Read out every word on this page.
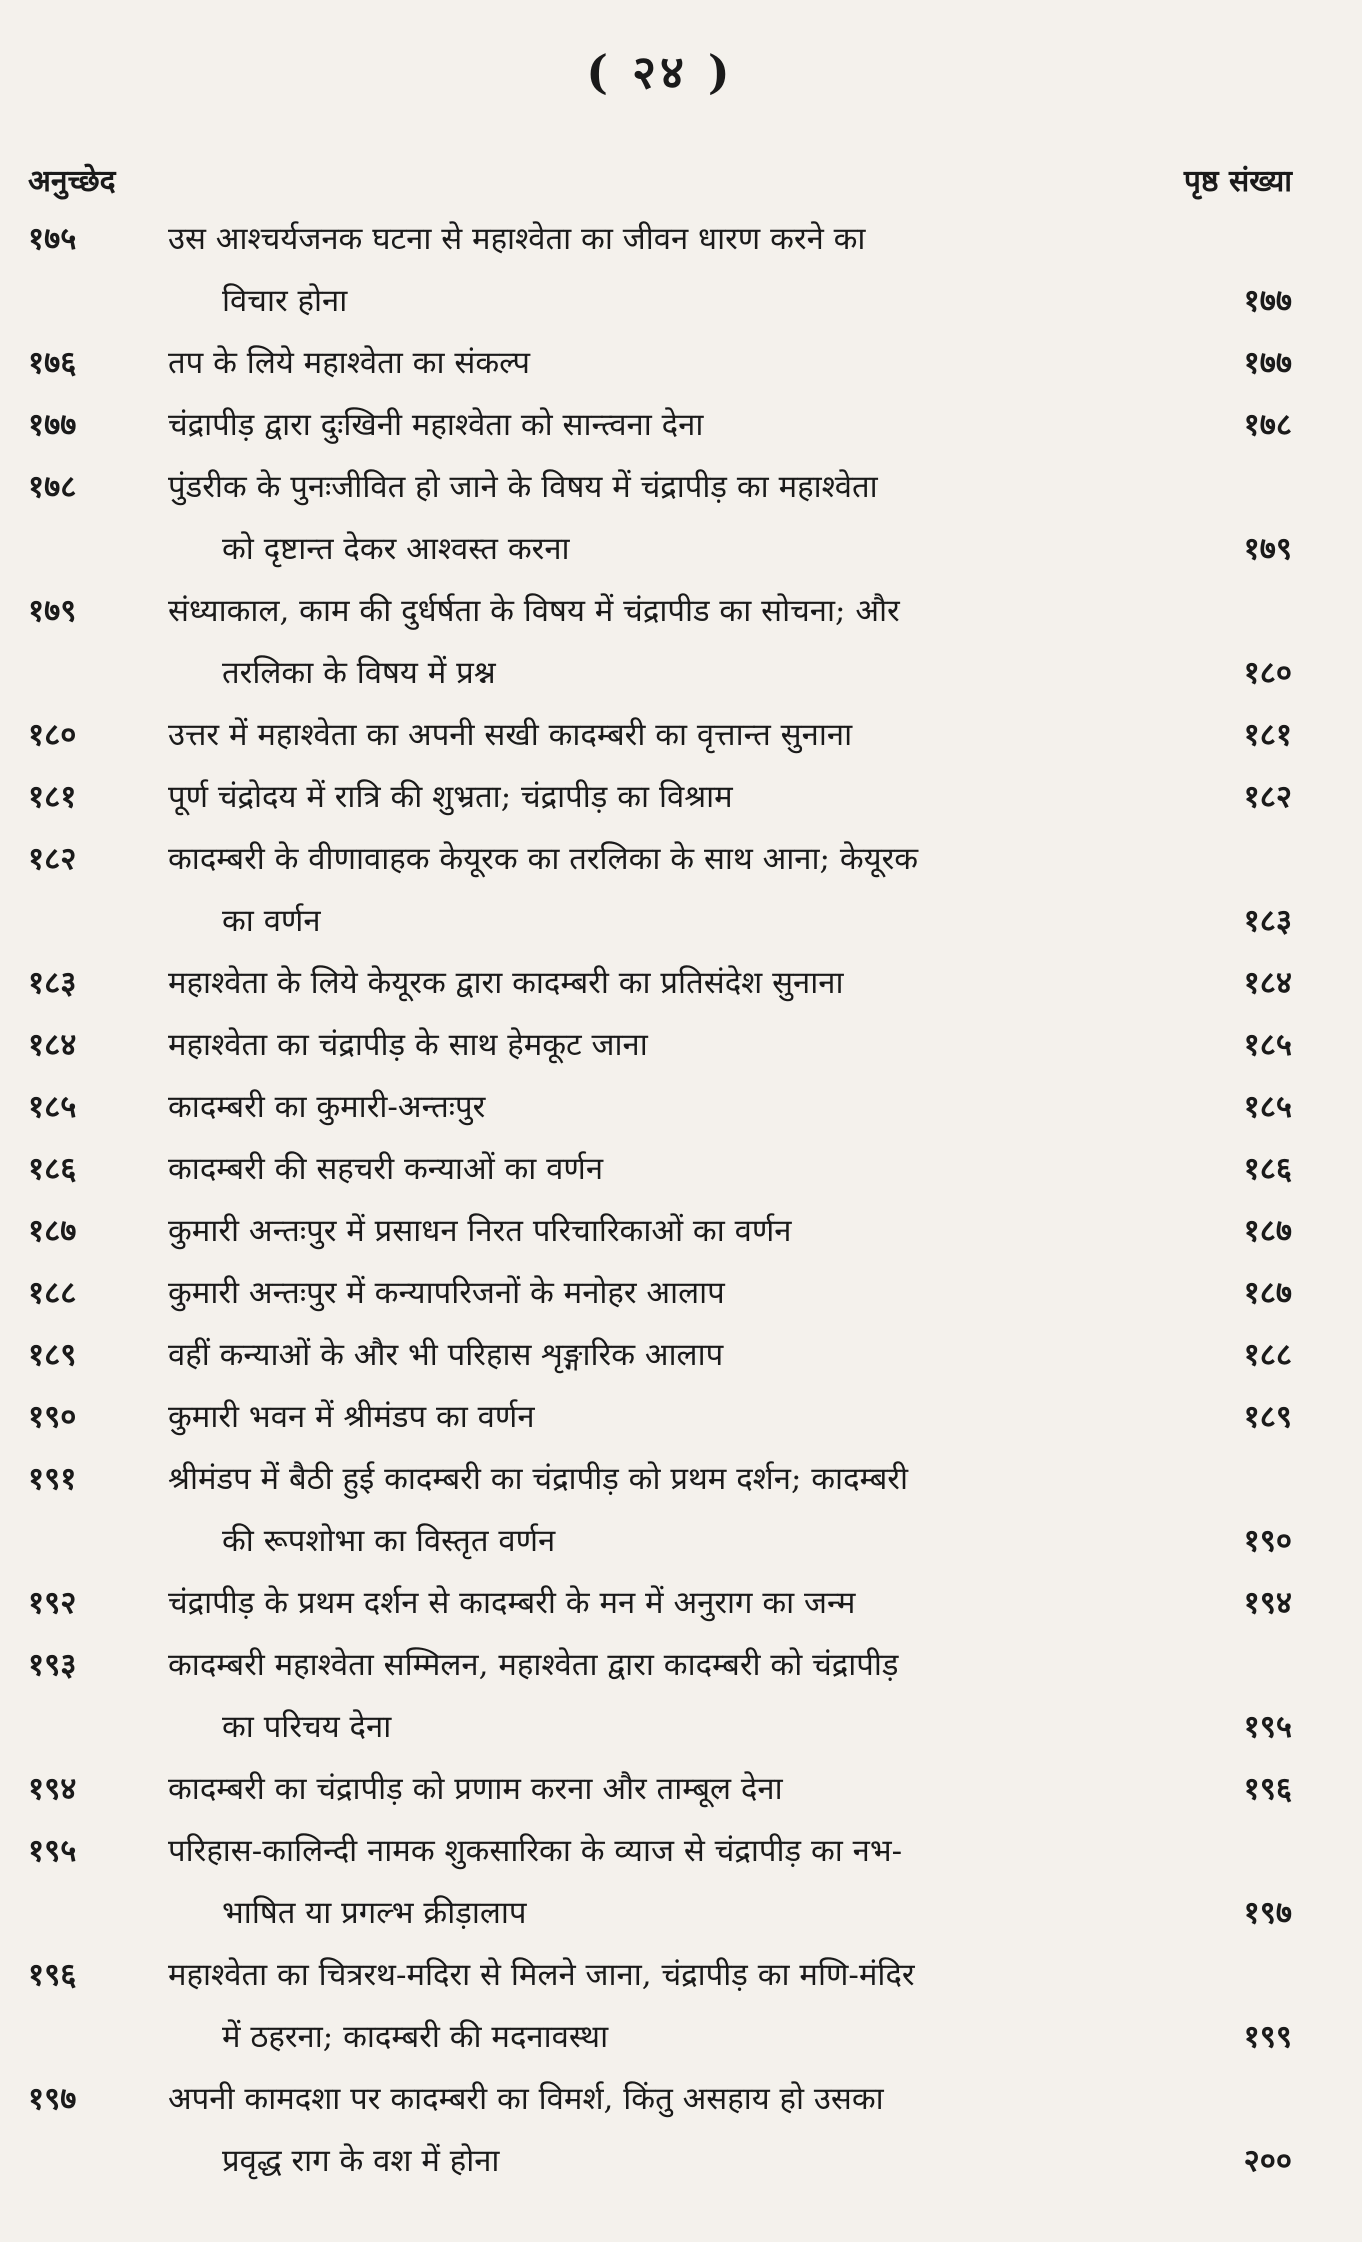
( २४ )
अनुच्छेद	पृष्ठ संख्या
१७५	उस आश्चर्यजनक घटना से महाश्वेता का जीवन धारण करने का
विचार होना	१७७
१७६	तप के लिये महाश्वेता का संकल्प	१७७
१७७	चंद्रापीड़ द्वारा दुःखिनी महाश्वेता को सान्त्वना देना	१७८
१७८	पुंडरीक के पुनःजीवित हो जाने के विषय में चंद्रापीड़ का महाश्वेता
को दृष्टान्त देकर आश्वस्त करना	१७९
१७९	संध्याकाल, काम की दुर्धर्षता के विषय में चंद्रापीड का सोचना; और
तरलिका के विषय में प्रश्न	१८०
१८०	उत्तर में महाश्वेता का अपनी सखी कादम्बरी का वृत्तान्त सुनाना	१८१
१८१	पूर्ण चंद्रोदय में रात्रि की शुभ्रता; चंद्रापीड़ का विश्राम	१८२
१८२	कादम्बरी के वीणावाहक केयूरक का तरलिका के साथ आना; केयूरक
का वर्णन	१८३
१८३	महाश्वेता के लिये केयूरक द्वारा कादम्बरी का प्रतिसंदेश सुनाना	१८४
१८४	महाश्वेता का चंद्रापीड़ के साथ हेमकूट जाना	१८५
१८५	कादम्बरी का कुमारी-अन्तःपुर	१८५
१८६	कादम्बरी की सहचरी कन्याओं का वर्णन	१८६
१८७	कुमारी अन्तःपुर में प्रसाधन निरत परिचारिकाओं का वर्णन	१८७
१८८	कुमारी अन्तःपुर में कन्यापरिजनों के मनोहर आलाप	१८७
१८९	वहीं कन्याओं के और भी परिहास शृङ्गारिक आलाप	१८८
१९०	कुमारी भवन में श्रीमंडप का वर्णन	१८९
१९१	श्रीमंडप में बैठी हुई कादम्बरी का चंद्रापीड़ को प्रथम दर्शन; कादम्बरी
की रूपशोभा का विस्तृत वर्णन	१९०
१९२	चंद्रापीड़ के प्रथम दर्शन से कादम्बरी के मन में अनुराग का जन्म	१९४
१९३	कादम्बरी महाश्वेता सम्मिलन, महाश्वेता द्वारा कादम्बरी को चंद्रापीड़
का परिचय देना	१९५
१९४	कादम्बरी का चंद्रापीड़ को प्रणाम करना और ताम्बूल देना	१९६
१९५	परिहास-कालिन्दी नामक शुकसारिका के व्याज से चंद्रापीड़ का नभ-
भाषित या प्रगल्भ क्रीड़ालाप	१९७
१९६	महाश्वेता का चित्ररथ-मदिरा से मिलने जाना, चंद्रापीड़ का मणि-मंदिर
में ठहरना; कादम्बरी की मदनावस्था	१९९
१९७	अपनी कामदशा पर कादम्बरी का विमर्श, किंतु असहाय हो उसका
प्रवृद्ध राग के वश में होना	२००
